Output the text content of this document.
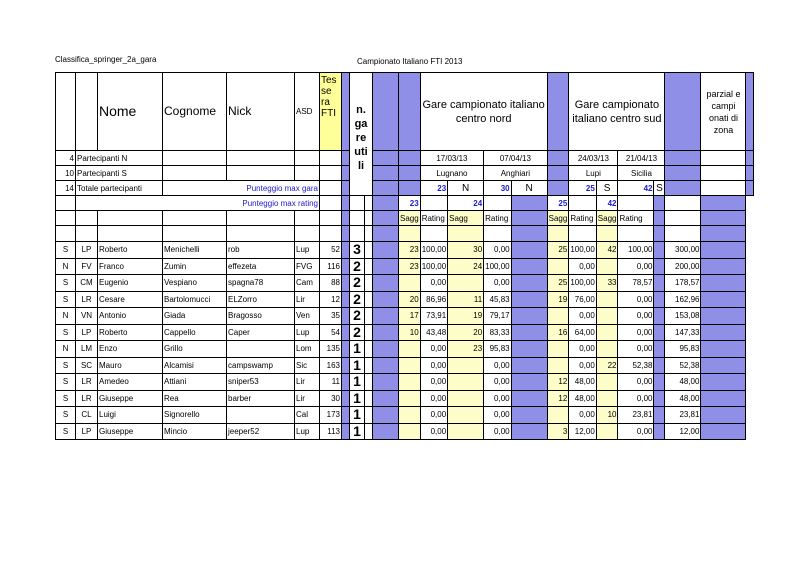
Classifica_springer_2a_gara	Campionato Italiano FTI 2013
		Nome	Cognome	Nick	ASD	Tes se ra FTI		n. ga re uti li				Gare campionato italiano centro nord					Gare campionato italiano centro sud					parzial e campi onati di zona	
4	Partecipanti N											17/03/13		07/04/13			24/03/13		21/04/13				
10	Partecipanti S											Lugnano		Anghiari			Lupi		Sicilia				
14	Totale partecipanti		Punteggio max gara									23	N	30	N		25	S	42	S			
	Punteggio max rating										23		24			25		42					
											Sagg	Rating	Sagg	Rating		Sagg	Rating	Sagg	Rating				

S	LP	Roberto	Menichelli	rob	Lup	52		3			23	100,00	30	0,00		25	100,00	42	100,00		300,00		
N	FV	Franco	Zumin	effezeta	FVG	116		2			23	100,00	24	100,00			0,00		0,00		200,00		
S	CM	Eugenio	Vespiano	spagna78	Cam	88		2				0,00		0,00		25	100,00	33	78,57		178,57		
S	LR	Cesare	Bartolomucci	ELZorro	Lir	12		2			20	86,96	11	45,83		19	76,00		0,00		162,96		
N	VN	Antonio	Giada	Bragosso	Ven	35		2			17	73,91	19	79,17			0,00		0,00		153,08		
S	LP	Roberto	Cappello	Caper	Lup	54		2			10	43,48	20	83,33		16	64,00		0,00		147,33		
N	LM	Enzo	Grillo		Lom	135		1				0,00	23	95,83			0,00		0,00		95,83		
S	SC	Mauro	Alcamisi	campswamp	Sic	163		1				0,00		0,00			0,00	22	52,38		52,38		
S	LR	Amedeo	Attiani	sniper53	Lir	11		1				0,00		0,00		12	48,00		0,00		48,00		
S	LR	Giuseppe	Rea	barber	Lir	30		1				0,00		0,00		12	48,00		0,00		48,00		
S	CL	Luigi	Signorello		Cal	173		1				0,00		0,00			0,00	10	23,81		23,81		
S	LP	Giuseppe	Mincio	jeeper52	Lup	113		1				0,00		0,00		3	12,00		0,00		12,00		
